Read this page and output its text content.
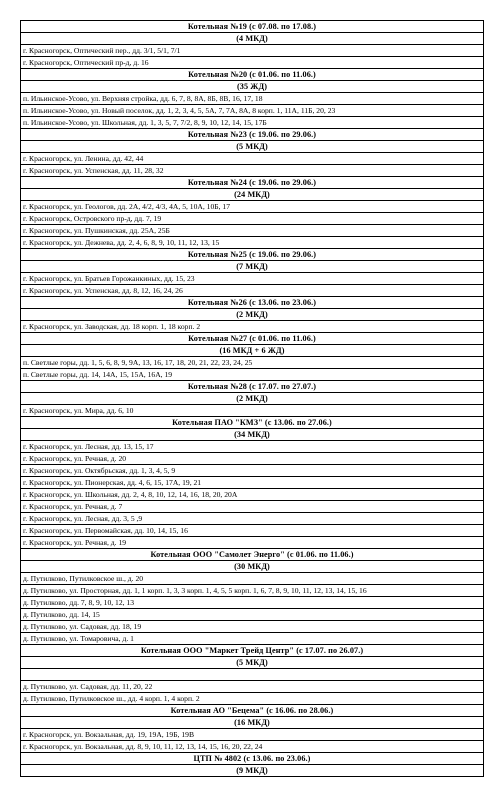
Котельная №19 (с 07.08. по 17.08.)
(4 МКД)
г. Красногорск, Оптический пер., дд. 3/1, 5/1, 7/1
г. Красногорск, Оптический пр-д, д. 16
Котельная №20 (с 01.06. по 11.06.)
(35 ЖД)
п. Ильинское-Усово, ул. Верхняя стройка, дд. 6, 7, 8, 8А, 8Б, 8В, 16, 17, 18
п. Ильинское-Усово, ул. Новый поселок, дд. 1, 2, 3, 4, 5, 5А, 7, 7А, 8А, 8 корп. 1, 11А, 11Б, 20, 23
п. Ильинское-Усово, ул. Школьная, дд. 1, 3, 5, 7, 7/2, 8, 9, 10, 12, 14, 15, 17Б
Котельная №23 (с 19.06. по 29.06.)
(5 МКД)
г. Красногорск, ул. Ленина, дд. 42, 44
г. Красногорск, ул. Успенская, дд. 11, 28, 32
Котельная №24 (с 19.06. по 29.06.)
(24 МКД)
г. Красногорск, ул. Геологов, дд. 2А, 4/2, 4/3, 4А, 5, 10А, 10Б, 17
г. Красногорск, Островского пр-д, дд. 7, 19
г. Красногорск, ул. Пушкинская, дд. 25А, 25Б
г. Красногорск, ул. Дежнева, дд. 2, 4, 6, 8, 9, 10, 11, 12, 13, 15
Котельная №25 (с 19.06. по 29.06.)
(7 МКД)
г. Красногорск, ул. Братьев Горожанкиных, дд. 15, 23
г. Красногорск, ул. Успенская, дд. 8, 12, 16, 24, 26
Котельная №26 (с 13.06. по 23.06.)
(2 МКД)
г. Красногорск, ул. Заводская, дд. 18 корп. 1, 18 корп. 2
Котельная №27 (с 01.06. по 11.06.)
(16 МКД + 6 ЖД)
п. Светлые горы, дд. 1, 5, 6, 8, 9, 9А, 13, 16, 17, 18, 20, 21, 22, 23, 24, 25
п. Светлые горы, дд. 14, 14А, 15, 15А, 16А, 19
Котельная №28 (с 17.07. по 27.07.)
(2 МКД)
г. Красногорск, ул. Мира, дд. 6, 10
Котельная ПАО "КМЗ" (с 13.06. по 27.06.)
(34 МКД)
г. Красногорск, ул. Лесная, дд. 13, 15, 17
г. Красногорск, ул. Речная, д. 20
г. Красногорск, ул. Октябрьская, дд. 1, 3, 4, 5, 9
г. Красногорск, ул. Пионерская, дд. 4, 6, 15, 17А, 19, 21
г. Красногорск, ул. Школьная, дд. 2, 4, 8, 10, 12, 14, 16, 18, 20, 20А
г. Красногорск, ул. Речная, д. 7
г. Красногорск, ул. Лесная, дд. 3, 5 ,9
г. Красногорск, ул. Первомайская, дд. 10, 14, 15, 16
г. Красногорск, ул. Речная, д. 19
Котельная ООО "Самолет Энерго" (с 01.06. по 11.06.)
(30 МКД)
д. Путилково, Путилковское ш., д. 20
д. Путилково, ул. Просторная, дд. 1, 1 корп. 1, 3, 3 корп. 1, 4, 5, 5 корп. 1, 6, 7, 8, 9, 10, 11, 12, 13, 14, 15, 16
д. Путилково, дд. 7, 8, 9, 10, 12, 13
д. Путилково, дд. 14, 15
д. Путилково, ул. Садовая, дд. 18, 19
д. Путилково, ул. Томаровича, д. 1
Котельная ООО "Маркет Трейд Центр" (с 17.07. по 26.07.)
(5 МКД)
д. Путилково, ул. Садовая, дд. 11, 20, 22
д. Путилково, Путилковское ш., дд. 4 корп. 1, 4 корп. 2
Котельная АО "Бецема" (с 16.06. по 28.06.)
(16 МКД)
г. Красногорск, ул. Вокзальная, дд. 19, 19А, 19Б, 19В
г. Красногорск, ул. Вокзальная, дд. 8, 9, 10, 11, 12, 13, 14, 15, 16, 20, 22, 24
ЦТП № 4802 (с 13.06. по 23.06.)
(9 МКД)
